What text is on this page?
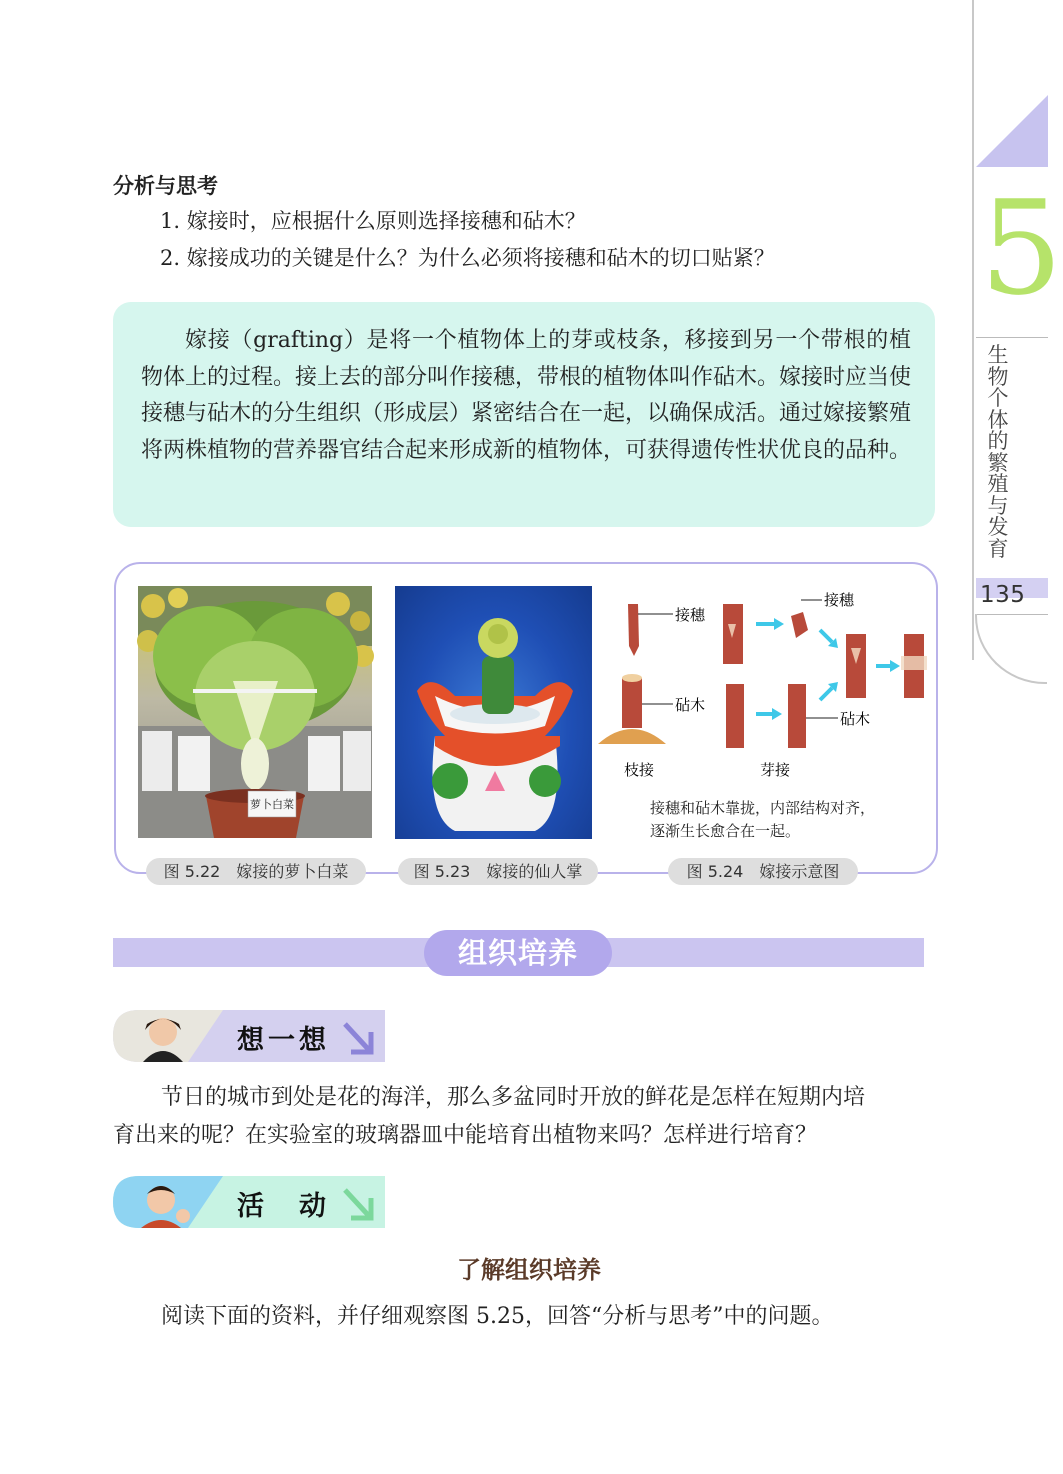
5
生物个体的繁殖与发育
135
分析与思考
1. 嫁接时，应根据什么原则选择接穗和砧木？
2. 嫁接成功的关键是什么？为什么必须将接穗和砧木的切口贴紧？
嫁接（grafting）是将一个植物体上的芽或枝条，移接到另一个带根的植物体上的过程。接上去的部分叫作接穗，带根的植物体叫作砧木。嫁接时应当使接穗与砧木的分生组织（形成层）紧密结合在一起，以确保成活。通过嫁接繁殖将两株植物的营养器官结合起来形成新的植物体，可获得遗传性状优良的品种。
萝卜白菜
接穗
砧木
接穗
砧木
枝接	芽接
接穗和砧木靠拢，内部结构对齐，
逐渐生长愈合在一起。
图 5.22　嫁接的萝卜白菜	图 5.23　嫁接的仙人掌	图 5.24　嫁接示意图
组织培养
想一想
节日的城市到处是花的海洋，那么多盆同时开放的鲜花是怎样在短期内培
育出来的呢？在实验室的玻璃器皿中能培育出植物来吗？怎样进行培育？
活　动
了解组织培养
阅读下面的资料，并仔细观察图 5.25，回答“分析与思考”中的问题。
